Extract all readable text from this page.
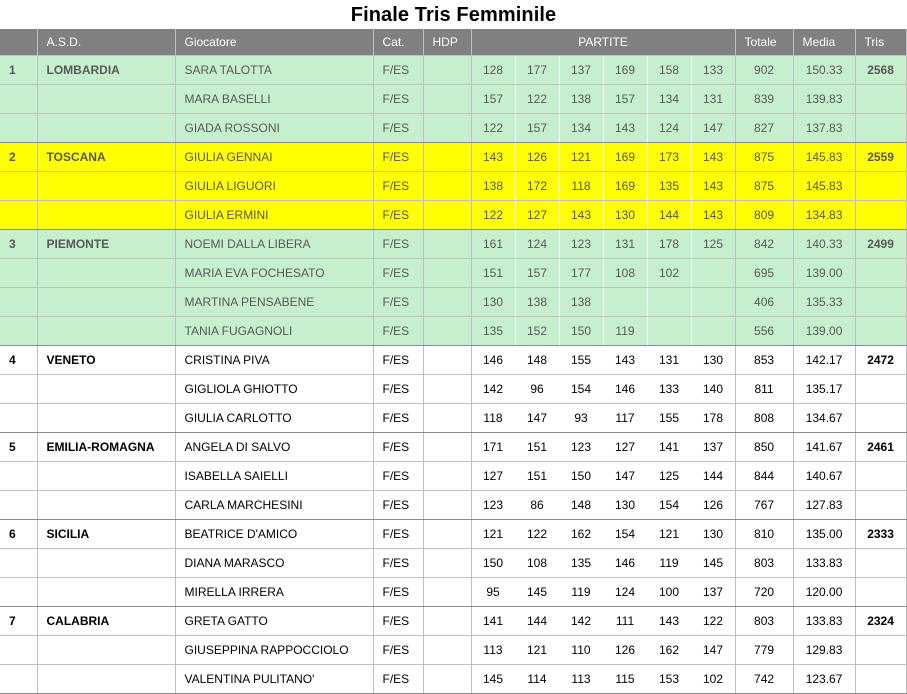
Finale Tris Femminile
	A.S.D.	Giocatore	Cat.	HDP	PARTITE						Totale	Media	Tris
1	LOMBARDIA	SARA TALOTTA	F/ES		128	177	137	169	158	133	902	150.33	2568
		MARA BASELLI	F/ES		157	122	138	157	134	131	839	139.83	
		GIADA ROSSONI	F/ES		122	157	134	143	124	147	827	137.83	
2	TOSCANA	GIULIA GENNAI	F/ES		143	126	121	169	173	143	875	145.83	2559
		GIULIA LIGUORI	F/ES		138	172	118	169	135	143	875	145.83	
		GIULIA ERMINI	F/ES		122	127	143	130	144	143	809	134.83	
3	PIEMONTE	NOEMI DALLA LIBERA	F/ES		161	124	123	131	178	125	842	140.33	2499
		MARIA EVA FOCHESATO	F/ES		151	157	177	108	102		695	139.00	
		MARTINA PENSABENE	F/ES		130	138	138				406	135.33	
		TANIA FUGAGNOLI	F/ES		135	152	150	119			556	139.00	
4	VENETO	CRISTINA PIVA	F/ES		146	148	155	143	131	130	853	142.17	2472
		GIGLIOLA GHIOTTO	F/ES		142	96	154	146	133	140	811	135.17	
		GIULIA CARLOTTO	F/ES		118	147	93	117	155	178	808	134.67	
5	EMILIA-ROMAGNA	ANGELA DI SALVO	F/ES		171	151	123	127	141	137	850	141.67	2461
		ISABELLA SAIELLI	F/ES		127	151	150	147	125	144	844	140.67	
		CARLA MARCHESINI	F/ES		123	86	148	130	154	126	767	127.83	
6	SICILIA	BEATRICE D'AMICO	F/ES		121	122	162	154	121	130	810	135.00	2333
		DIANA MARASCO	F/ES		150	108	135	146	119	145	803	133.83	
		MIRELLA IRRERA	F/ES		95	145	119	124	100	137	720	120.00	
7	CALABRIA	GRETA GATTO	F/ES		141	144	142	111	143	122	803	133.83	2324
		GIUSEPPINA RAPPOCCIOLO	F/ES		113	121	110	126	162	147	779	129.83	
		VALENTINA PULITANO'	F/ES		145	114	113	115	153	102	742	123.67	
